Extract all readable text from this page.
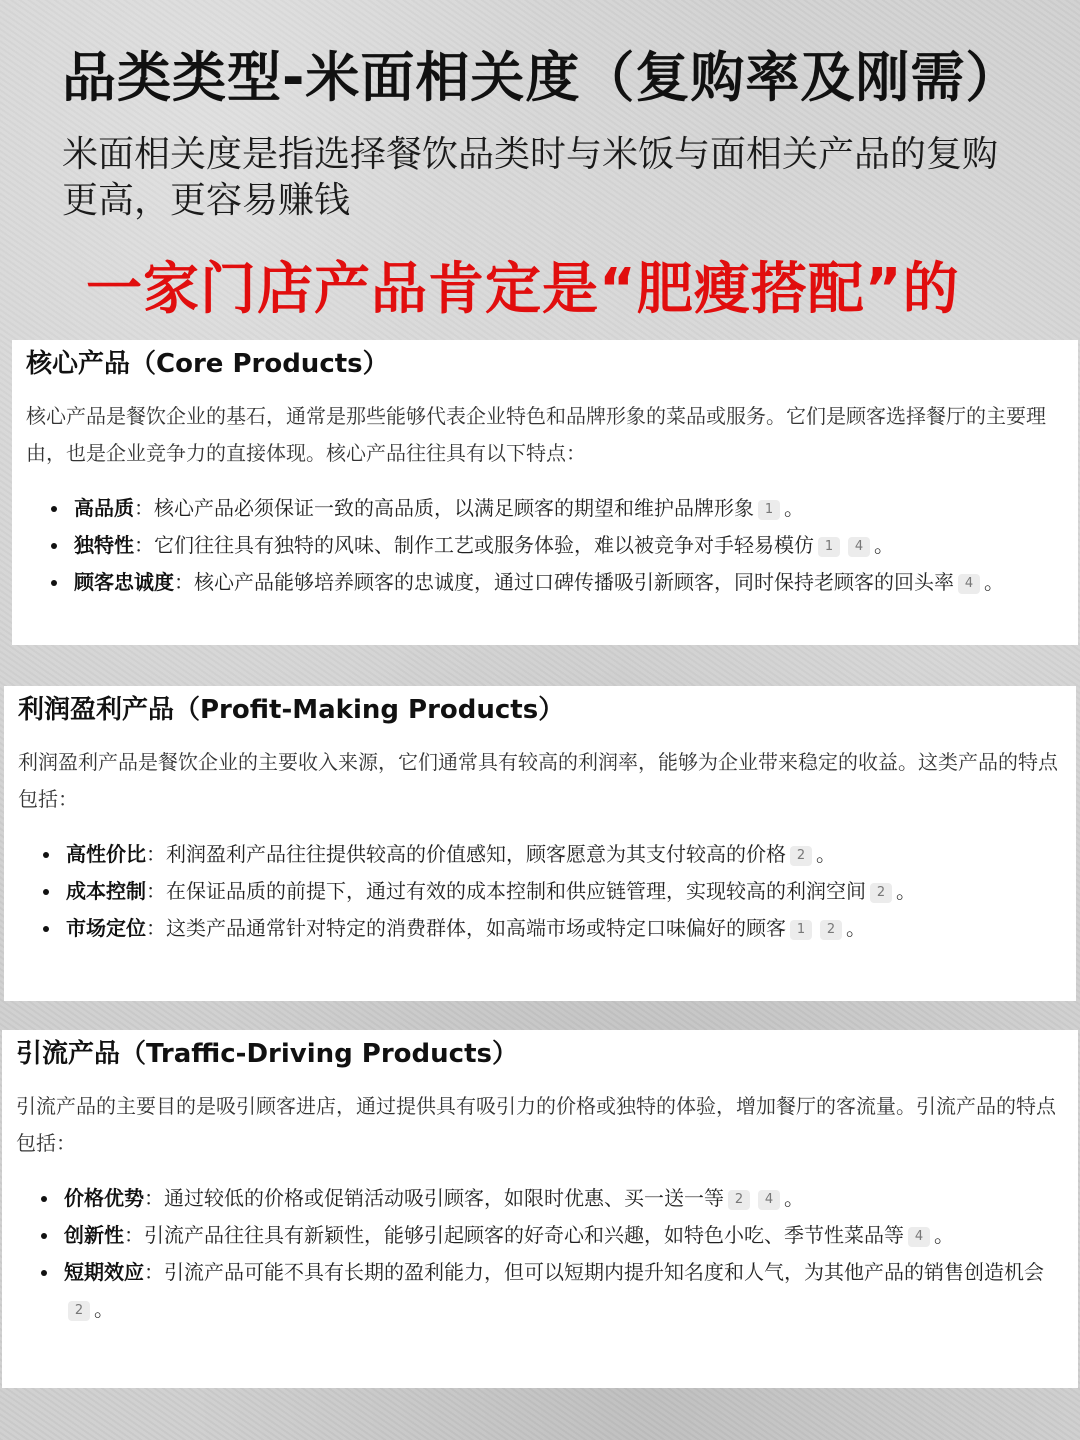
品类类型-米面相关度（复购率及刚需）
米面相关度是指选择餐饮品类时与米饭与面相关产品的复购更高，更容易赚钱
一家门店产品肯定是“肥瘦搭配”的
核心产品（Core Products）
核心产品是餐饮企业的基石，通常是那些能够代表企业特色和品牌形象的菜品或服务。它们是顾客选择餐厅的主要理由，也是企业竞争力的直接体现。核心产品往往具有以下特点：
高品质：核心产品必须保证一致的高品质，以满足顾客的期望和维护品牌形象 1 。
独特性：它们往往具有独特的风味、制作工艺或服务体验，难以被竞争对手轻易模仿 1 4 。
顾客忠诚度：核心产品能够培养顾客的忠诚度，通过口碑传播吸引新顾客，同时保持老顾客的回头率 4 。
利润盈利产品（Profit-Making Products）
利润盈利产品是餐饮企业的主要收入来源，它们通常具有较高的利润率，能够为企业带来稳定的收益。这类产品的特点包括：
高性价比：利润盈利产品往往提供较高的价值感知，顾客愿意为其支付较高的价格 2 。
成本控制：在保证品质的前提下，通过有效的成本控制和供应链管理，实现较高的利润空间 2 。
市场定位：这类产品通常针对特定的消费群体，如高端市场或特定口味偏好的顾客 1 2 。
引流产品（Traffic-Driving Products）
引流产品的主要目的是吸引顾客进店，通过提供具有吸引力的价格或独特的体验，增加餐厅的客流量。引流产品的特点包括：
价格优势：通过较低的价格或促销活动吸引顾客，如限时优惠、买一送一等 2 4 。
创新性：引流产品往往具有新颖性，能够引起顾客的好奇心和兴趣，如特色小吃、季节性菜品等 4 。
短期效应：引流产品可能不具有长期的盈利能力，但可以短期内提升知名度和人气，为其他产品的销售创造机会2 。
